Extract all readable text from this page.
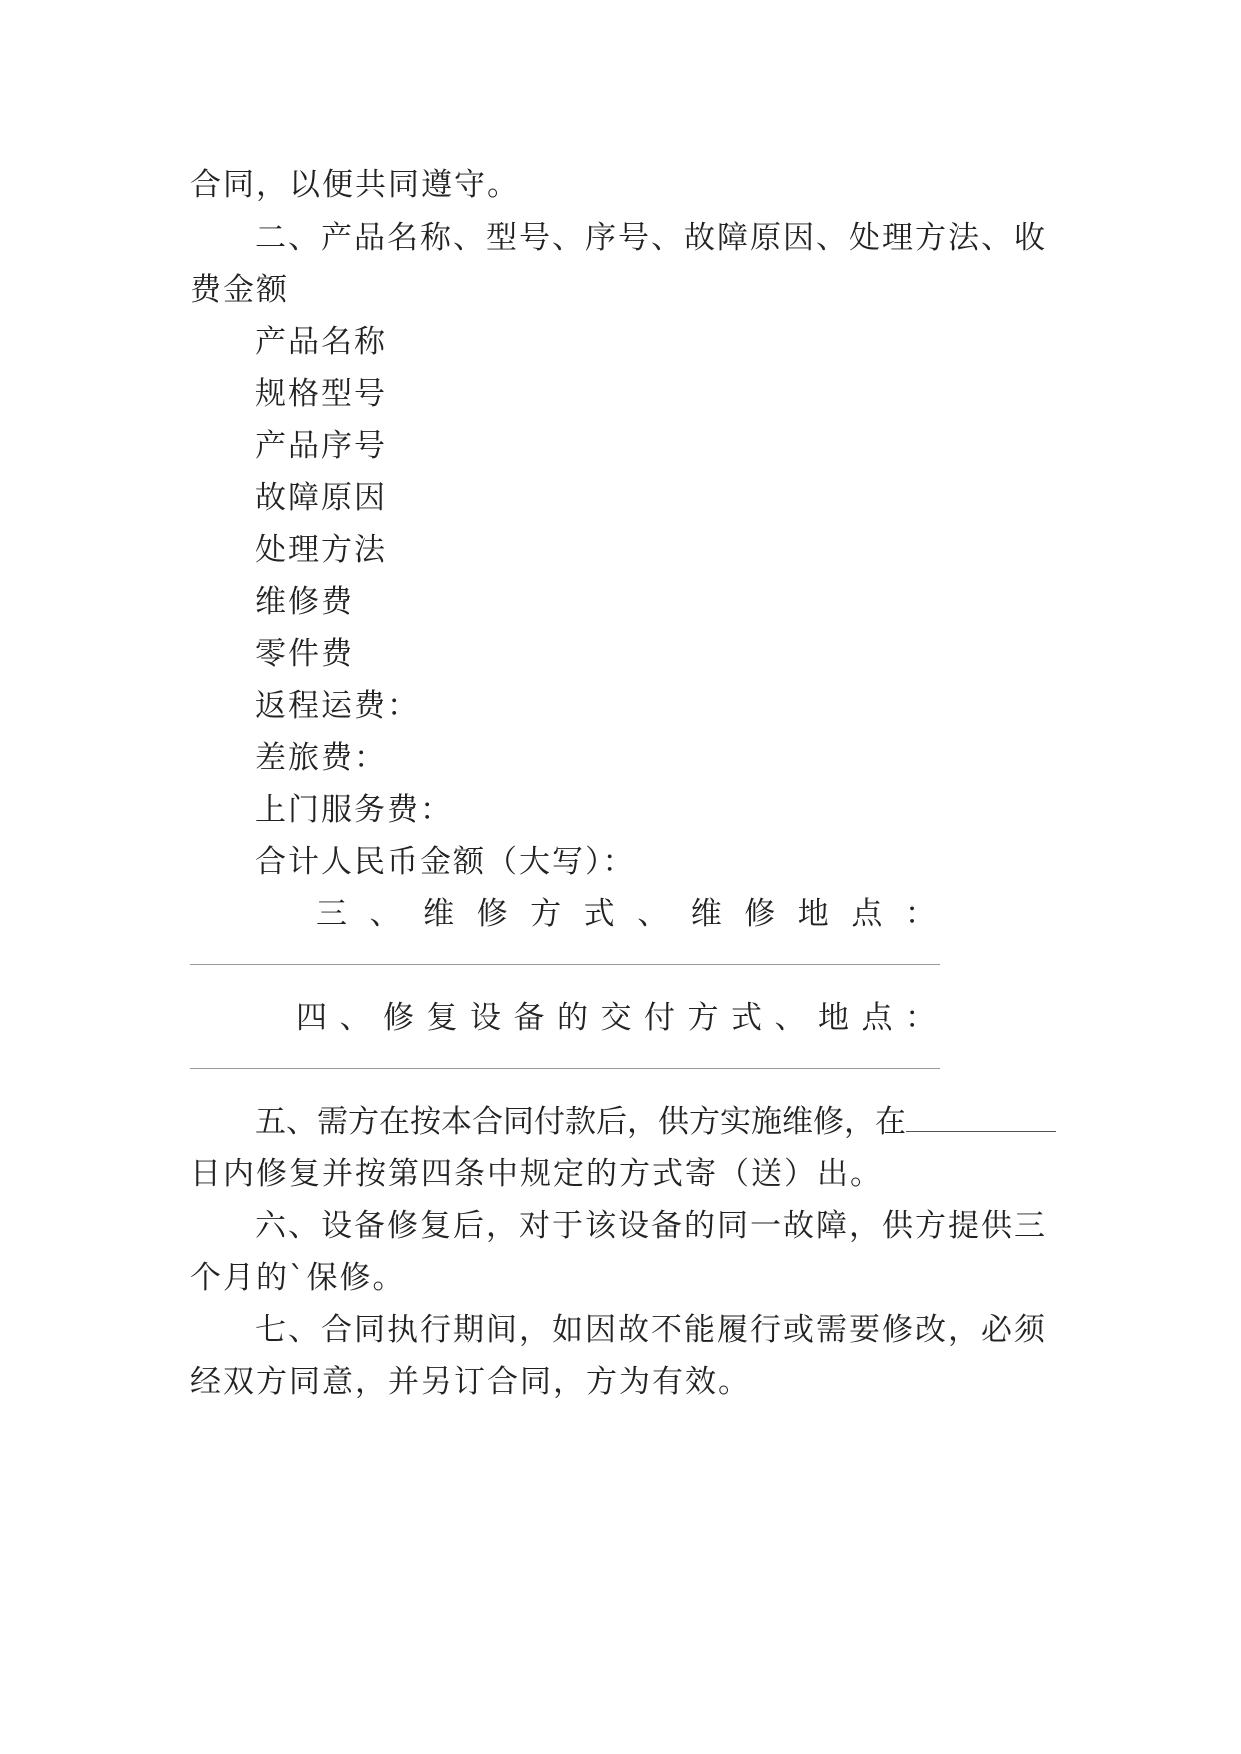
合同，以便共同遵守。

二、产品名称、型号、序号、故障原因、处理方法、收

费金额

产品名称

规格型号

产品序号

故障原因

处理方法

维修费

零件费

返程运费：

差旅费：

上门服务费：

合计人民币金额（大写）：

三 、 维 修 方 式 、 维 修 地 点 ：

四 、 修 复 设 备 的 交 付 方 式 、 地 点 ：

五、需方在按本合同付款后，供方实施维修，在

日内修复并按第四条中规定的方式寄（送）出。

六、设备修复后，对于该设备的同一故障，供方提供三

个月的`保修。

七、合同执行期间，如因故不能履行或需要修改，必须

经双方同意，并另订合同，方为有效。
